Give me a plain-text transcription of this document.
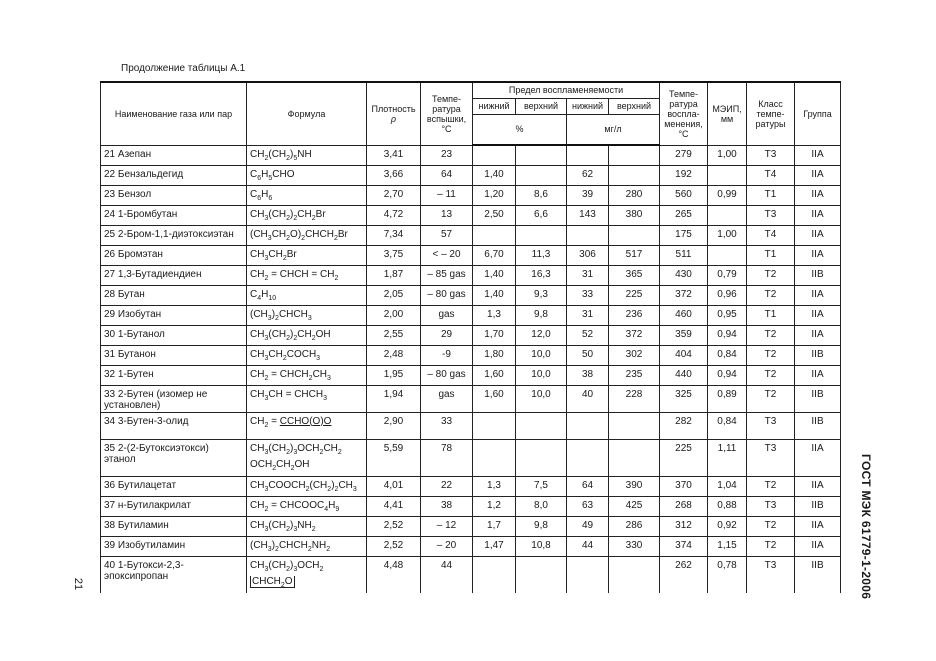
Продолжение таблицы А.1
Наименование газа или пар	Формула	Плотность
ρ	Темпе-ратура вспышки, °С	Предел воспламеняемости				Темпе-ратура воспла-менения, °С	МЭИП, мм	Класс темпе-ратуры	Группа
				нижний	верхний	нижний	верхний				
				%		мг/л					
21 Азепан	$CH_2(CH_2)_5NH$	3,41	23					279	1,00	Т3	IIA
22 Бензальдегид	$C_6H_5CHO$	3,66	64	1,40		62		192		Т4	IIA
23 Бензол	$C_6H_6$	2,70	– 11	1,20	8,6	39	280	560	0,99	Т1	IIA
24 1-Бромбутан	$CH_3(CH_2)_2CH_2Br$	4,72	13	2,50	6,6	143	380	265		Т3	IIA
25 2-Бром-1,1-диэтоксиэтан	$(CH_3CH_2O)_2CHCH_2Br$	7,34	57					175	1,00	Т4	IIA
26 Бромэтан	$CH_3CH_2Br$	3,75	< – 20	6,70	11,3	306	517	511		Т1	IIA
27 1,3-Бутадиендиен	$CH_2$ = CHCH = $CH_2$	1,87	– 85 gas	1,40	16,3	31	365	430	0,79	Т2	IIB
28 Бутан	$C_4H_{10}$	2,05	– 80 gas	1,40	9,3	33	225	372	0,96	Т2	IIA
29 Изобутан	$(CH_3)_2CHCH_3$	2,00	gas	1,3	9,8	31	236	460	0,95	Т1	IIA
30 1-Бутанол	$CH_3(CH_2)_2CH_2OH$	2,55	29	1,70	12,0	52	372	359	0,94	Т2	IIA
31 Бутанон	$CH_3CH_2COCH_3$	2,48	-9	1,80	10,0	50	302	404	0,84	Т2	IIB
32 1-Бутен	$CH_2$ = $CHCH_2CH_3$	1,95	– 80 gas	1,60	10,0	38	235	440	0,94	Т2	IIA
33 2-Бутен (изомер не установлен)	$CH_3CH$ = $CHCH_3$	1,94	gas	1,60	10,0	40	228	325	0,89	Т2	IIB
34 3-Бутен-3-олид	$CH_2$ = CCHO(O)O	2,90	33					282	0,84	Т3	IIB
35 2-(2-Бутоксиэтокси) этанол	$CH_3(CH_2)_3OCH_2CH_2$
$OCH_2CH_2OH$	5,59	78					225	1,11	Т3	IIA
36 Бутилацетат	$CH_3COOCH_2(CH_2)_2CH_3$	4,01	22	1,3	7,5	64	390	370	1,04	Т2	IIA
37 н-Бутилакрилат	$CH_2$ = $CHCOOC_4H_9$	4,41	38	1,2	8,0	63	425	268	0,88	Т3	IIB
38 Бутиламин	$CH_3(CH_2)_3NH_2$	2,52	– 12	1,7	9,8	49	286	312	0,92	Т2	IIA
39 Изобутиламин	$(CH_3)_2CHCH_2NH_2$	2,52	– 20	1,47	10,8	44	330	374	1,15	Т2	IIA
40 1-Бутокси-2,3-эпоксипропан	$CH_3(CH_2)_3OCH_2$
$CHCH_2O$	4,48	44					262	0,78	Т3	IIB
21	ГОСТ МЭК 61779-1-2006
